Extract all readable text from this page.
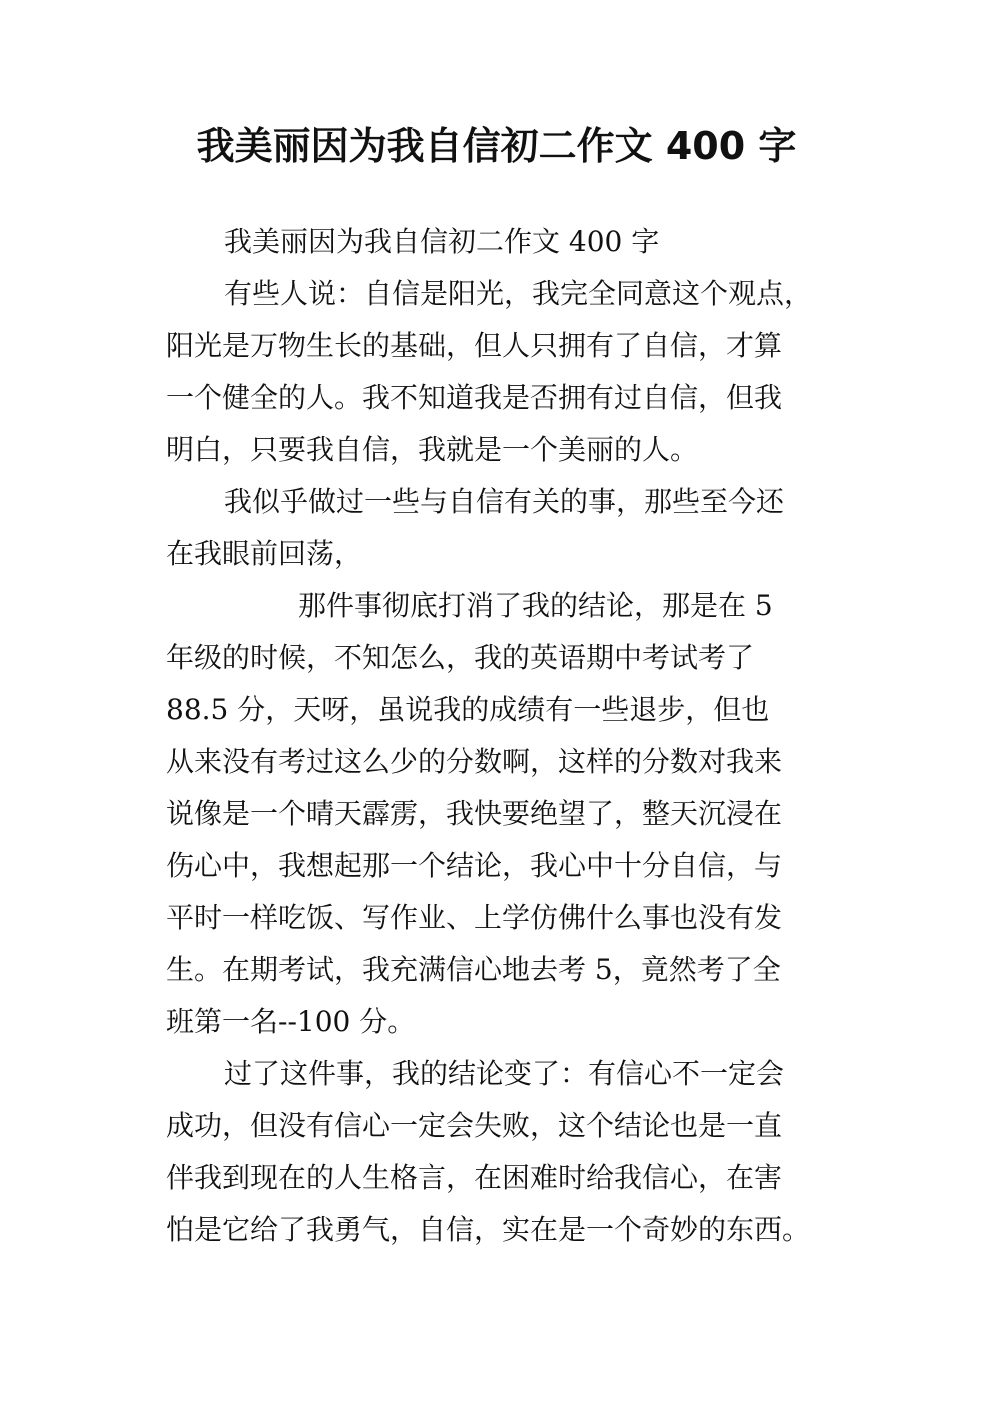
我美丽因为我自信初二作文 400 字
我美丽因为我自信初二作文 400 字
有些人说：自信是阳光，我完全同意这个观点，
阳光是万物生长的基础，但人只拥有了自信，才算
一个健全的人。我不知道我是否拥有过自信，但我
明白，只要我自信，我就是一个美丽的人。
我似乎做过一些与自信有关的事，那些至今还
在我眼前回荡，
那件事彻底打消了我的结论，那是在 5
年级的时候，不知怎么，我的英语期中考试考了
88.5 分，天呀，虽说我的成绩有一些退步，但也
从来没有考过这么少的分数啊，这样的分数对我来
说像是一个晴天霹雳，我快要绝望了，整天沉浸在
伤心中，我想起那一个结论，我心中十分自信，与
平时一样吃饭、写作业、上学仿佛什么事也没有发
生。在期考试，我充满信心地去考 5，竟然考了全
班第一名--100 分。
过了这件事，我的结论变了：有信心不一定会
成功，但没有信心一定会失败，这个结论也是一直
伴我到现在的人生格言，在困难时给我信心，在害
怕是它给了我勇气，自信，实在是一个奇妙的东西。
